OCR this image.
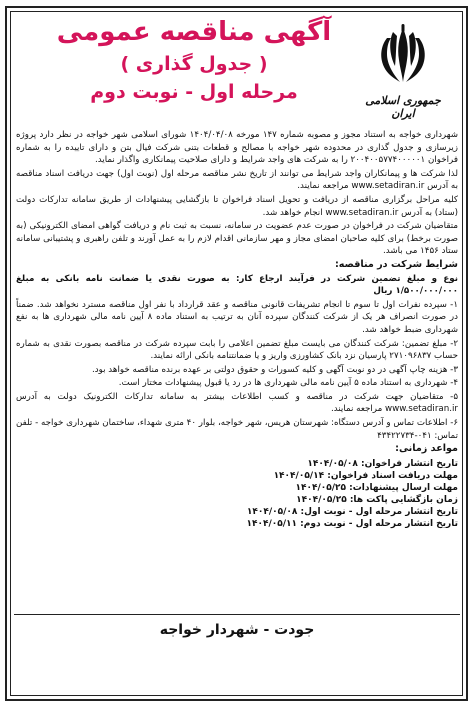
آگهی مناقصه عمومی
( جدول گذاری )
مرحله اول - نوبت دوم	جمهوری اسلامی ایران

شهرداری خواجه به استناد مجوز و مصوبه شماره ۱۴۷ مورخه ۱۴۰۴/۰۴/۰۸ شورای اسلامی شهر خواجه در نظر دارد پروژه زیرسازی و جدول گذاری در محدوده شهر خواجه با مصالح و قطعات بتنی شرکت فیال بتن و دارای تاییده را به شماره فراخوان ۲۰۰۴۰۰۵۷۷۴۰۰۰۰۰۱ را به شرکت های واجد شرایط و دارای صلاحیت پیمانکاری واگذار نماید.

لذا شرکت ها و پیمانکاران واجد شرایط می توانند از تاریخ نشر مناقصه مرحله اول (نوبت اول) جهت دریافت اسناد مناقصه به آدرس www.setadiran.ir مراجعه نمایند.

کلیه مراحل برگزاری مناقصه از دریافت و تحویل اسناد فراخوان تا بازگشایی پیشنهادات از طریق سامانه تدارکات دولت (ستاد) به آدرس www.setadiran.ir انجام خواهد شد.

متقاضیان شرکت در فراخوان در صورت عدم عضویت در سامانه، نسبت به ثبت نام و دریافت گواهی امضای الکترونیکی (به صورت برخط) برای کلیه صاحبان امضای مجاز و مهر سازمانی اقدام لازم را به عمل آورند و تلفن راهبری و پشتیبانی سامانه ستاد ۱۴۵۶ می باشد.

شرایط شرکت در مناقصه:

نوع و مبلغ تضمین شرکت در فرآیند ارجاع کار: به صورت نقدی یا ضمانت نامه بانکی به مبلغ ۱/۵۰۰/۰۰۰/۰۰۰ ریال

۱- سپرده نفرات اول تا سوم تا انجام تشریفات قانونی مناقصه و عقد قرارداد با نفر اول مناقصه مسترد نخواهد شد. ضمناً در صورت انصراف هر یک از شرکت کنندگان سپرده آنان به ترتیب به استناد ماده ۸ آیین نامه مالی شهرداری ها به نفع شهرداری ضبط خواهد شد.

۲- مبلغ تضمین: شرکت کنندگان می بایست مبلغ تضمین اعلامی را بابت سپرده شرکت در مناقصه بصورت نقدی به شماره حساب ۲۷۱۰۹۶۸۳۷ پارسیان نزد بانک کشاورزی واریز و یا ضمانتنامه بانکی ارائه نمایند.

۳- هزینه چاپ آگهی در دو نوبت آگهی و کلیه کسورات و حقوق دولتی بر عهده برنده مناقصه خواهد بود.

۴- شهرداری به استناد ماده ۵ آیین نامه مالی شهرداری ها در رد یا قبول پیشنهادات مختار است.

۵- متقاضیان جهت شرکت در مناقصه و کسب اطلاعات بیشتر به سامانه تدارکات الکترونیک دولت به آدرس www.setadiran.ir مراجعه نمایند.

۶- اطلاعات تماس و آدرس دستگاه: شهرستان هریس، شهر خواجه، بلوار ۴۰ متری شهداء، ساختمان شهرداری خواجه - تلفن تماس: ۰۴۱-۴۳۴۲۲۷۳۴

مواعد زمانی:

تاریخ انتشار فراخوان: ۱۴۰۴/۰۵/۰۸
مهلت دریافت اسناد فراخوان: ۱۴۰۴/۰۵/۱۴
مهلت ارسال پیشنهادات: ۱۴۰۴/۰۵/۲۵
زمان بازگشایی پاکت ها: ۱۴۰۴/۰۵/۲۵
تاریخ انتشار مرحله اول - نوبت اول: ۱۴۰۴/۰۵/۰۸
تاریخ انتشار مرحله اول - نوبت دوم: ۱۴۰۴/۰۵/۱۱
جودت - شهردار خواجه
